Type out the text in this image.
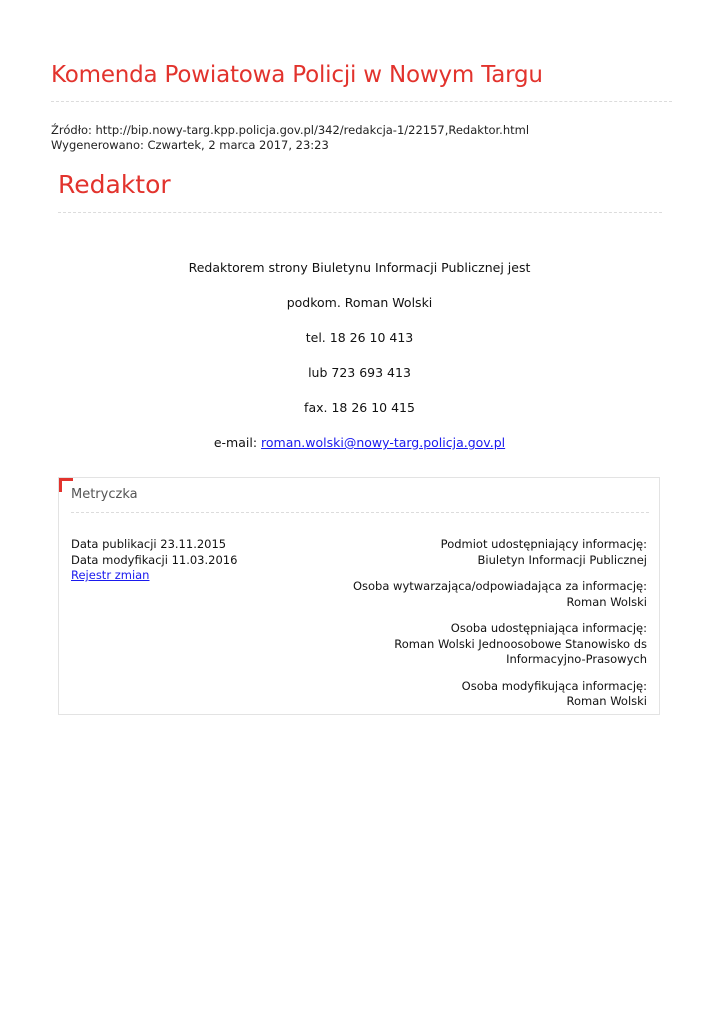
Komenda Powiatowa Policji w Nowym Targu
Źródło: http://bip.nowy-targ.kpp.policja.gov.pl/342/redakcja-1/22157,Redaktor.html
Wygenerowano: Czwartek, 2 marca 2017, 23:23
Redaktor

Redaktorem strony Biuletynu Informacji Publicznej jest

podkom. Roman Wolski

tel. 18 26 10 413

lub 723 693 413

fax. 18 26 10 415

e-mail: roman.wolski@nowy-targ.policja.gov.pl

Metryczka
Data publikacji 23.11.2015
Data modyfikacji 11.03.2016
Rejestr zmian
Podmiot udostępniający informację:
Biuletyn Informacji Publicznej
Osoba wytwarzająca/odpowiadająca za informację:
Roman Wolski
Osoba udostępniająca informację:
Roman Wolski Jednoosobowe Stanowisko ds
Informacyjno-Prasowych
Osoba modyfikująca informację:
Roman Wolski
